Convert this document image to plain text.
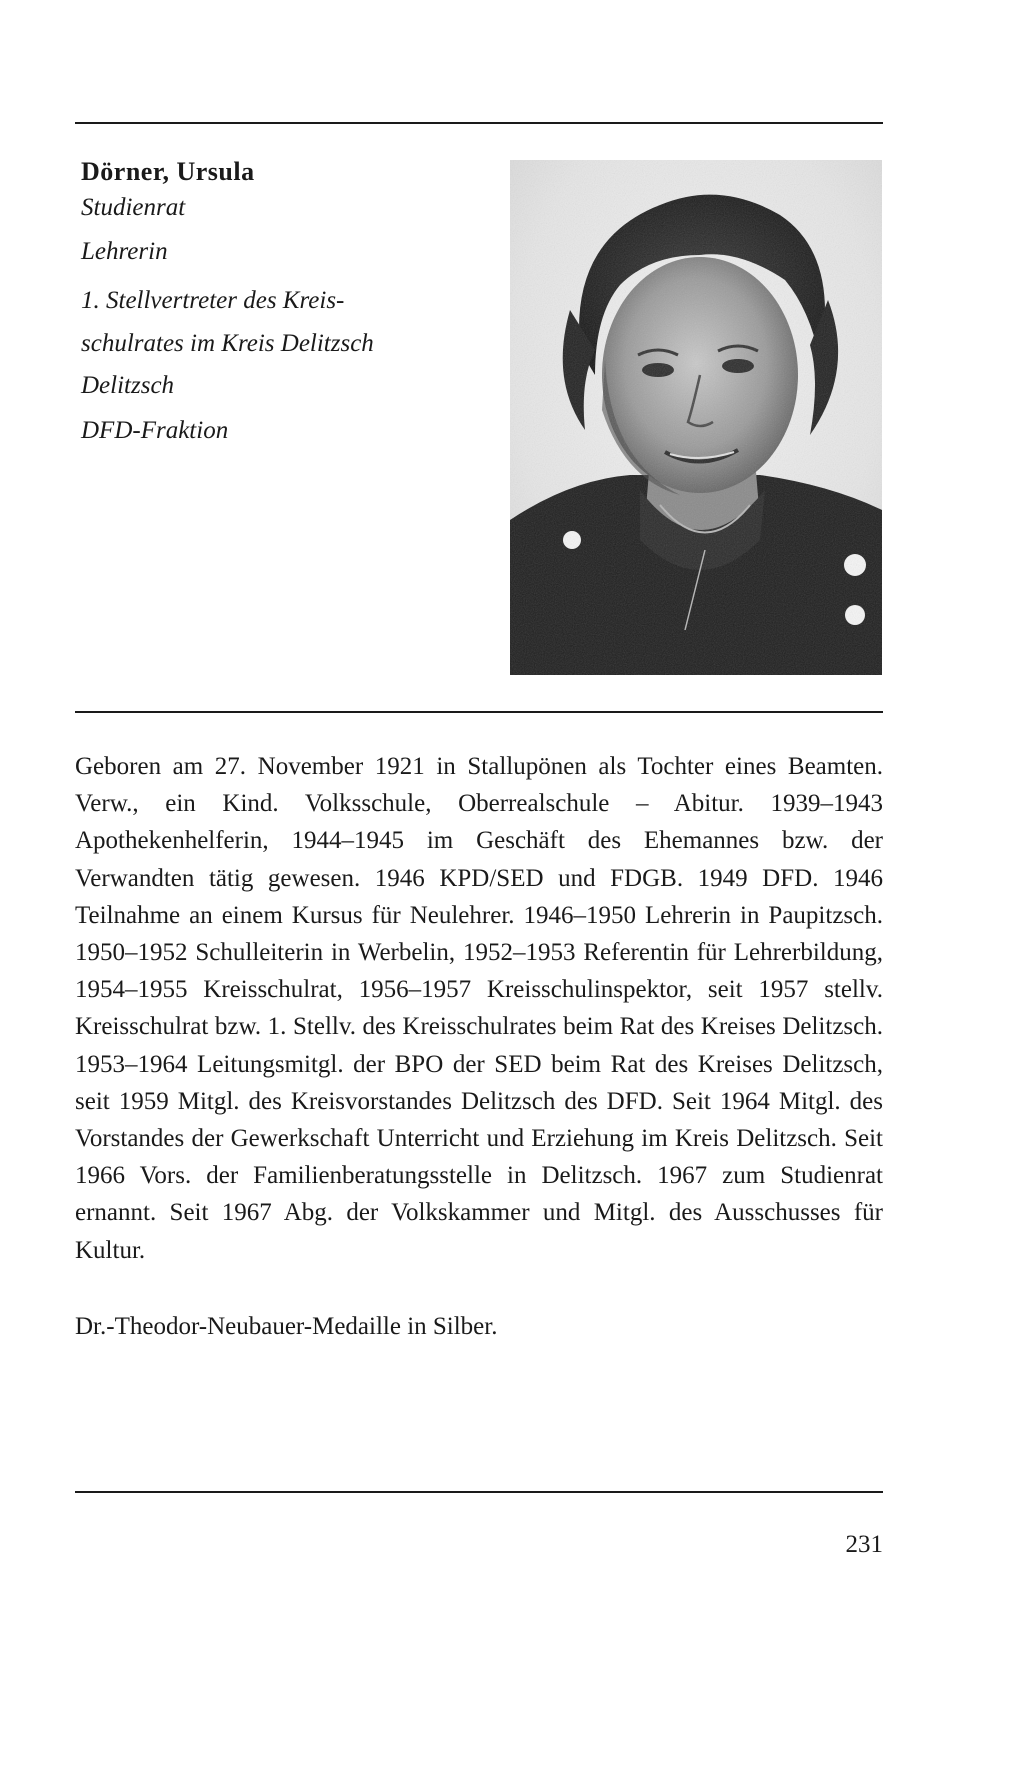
Dörner, Ursula

Studienrat

Lehrerin

1. Stellvertreter des Kreis-

schulrates im Kreis Delitzsch

Delitzsch

DFD-Fraktion

Geboren am 27. November 1921 in Stallupönen als Tochter eines Beamten. Verw., ein Kind. Volksschule, Oberrealschule – Abitur. 1939–1943 Apothekenhelferin, 1944–1945 im Geschäft des Ehemannes bzw. der Verwandten tätig gewesen. 1946 KPD/SED und FDGB. 1949 DFD. 1946 Teilnahme an einem Kursus für Neulehrer. 1946–1950 Lehrerin in Paupitzsch. 1950–1952 Schulleiterin in Werbelin, 1952–1953 Referentin für Lehrerbildung, 1954–1955 Kreisschulrat, 1956–1957 Kreisschulinspektor, seit 1957 stellv. Kreisschulrat bzw. 1. Stellv. des Kreisschulrates beim Rat des Kreises Delitzsch. 1953–1964 Leitungsmitgl. der BPO der SED beim Rat des Kreises Delitzsch, seit 1959 Mitgl. des Kreisvorstandes Delitzsch des DFD. Seit 1964 Mitgl. des Vorstandes der Gewerkschaft Unterricht und Erziehung im Kreis Delitzsch. Seit 1966 Vors. der Familienberatungsstelle in Delitzsch. 1967 zum Studienrat ernannt. Seit 1967 Abg. der Volkskammer und Mitgl. des Ausschusses für Kultur.

Dr.-Theodor-Neubauer-Medaille in Silber.

231
